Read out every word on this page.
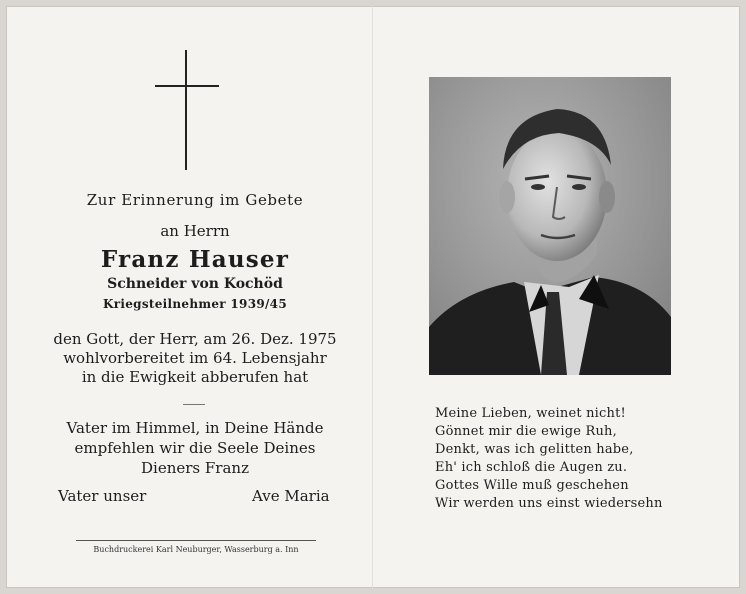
Zur Erinnerung im Gebete
an Herrn
Franz Hauser
Schneider von Kochöd
Kriegsteilnehmer 1939/45
den Gott, der Herr, am 26. Dez. 1975
wohlvorbereitet im 64. Lebensjahr
in die Ewigkeit abberufen hat
Vater im Himmel, in Deine Hände
empfehlen wir die Seele Deines
Dieners Franz
Vater unser	Ave Maria
Buchdruckerei Karl Neuburger, Wasserburg a. Inn
Meine Lieben, weinet nicht!
Gönnet mir die ewige Ruh,
Denkt, was ich gelitten habe,
Eh' ich schloß die Augen zu.
Gottes Wille muß geschehen
Wir werden uns einst wiedersehn
